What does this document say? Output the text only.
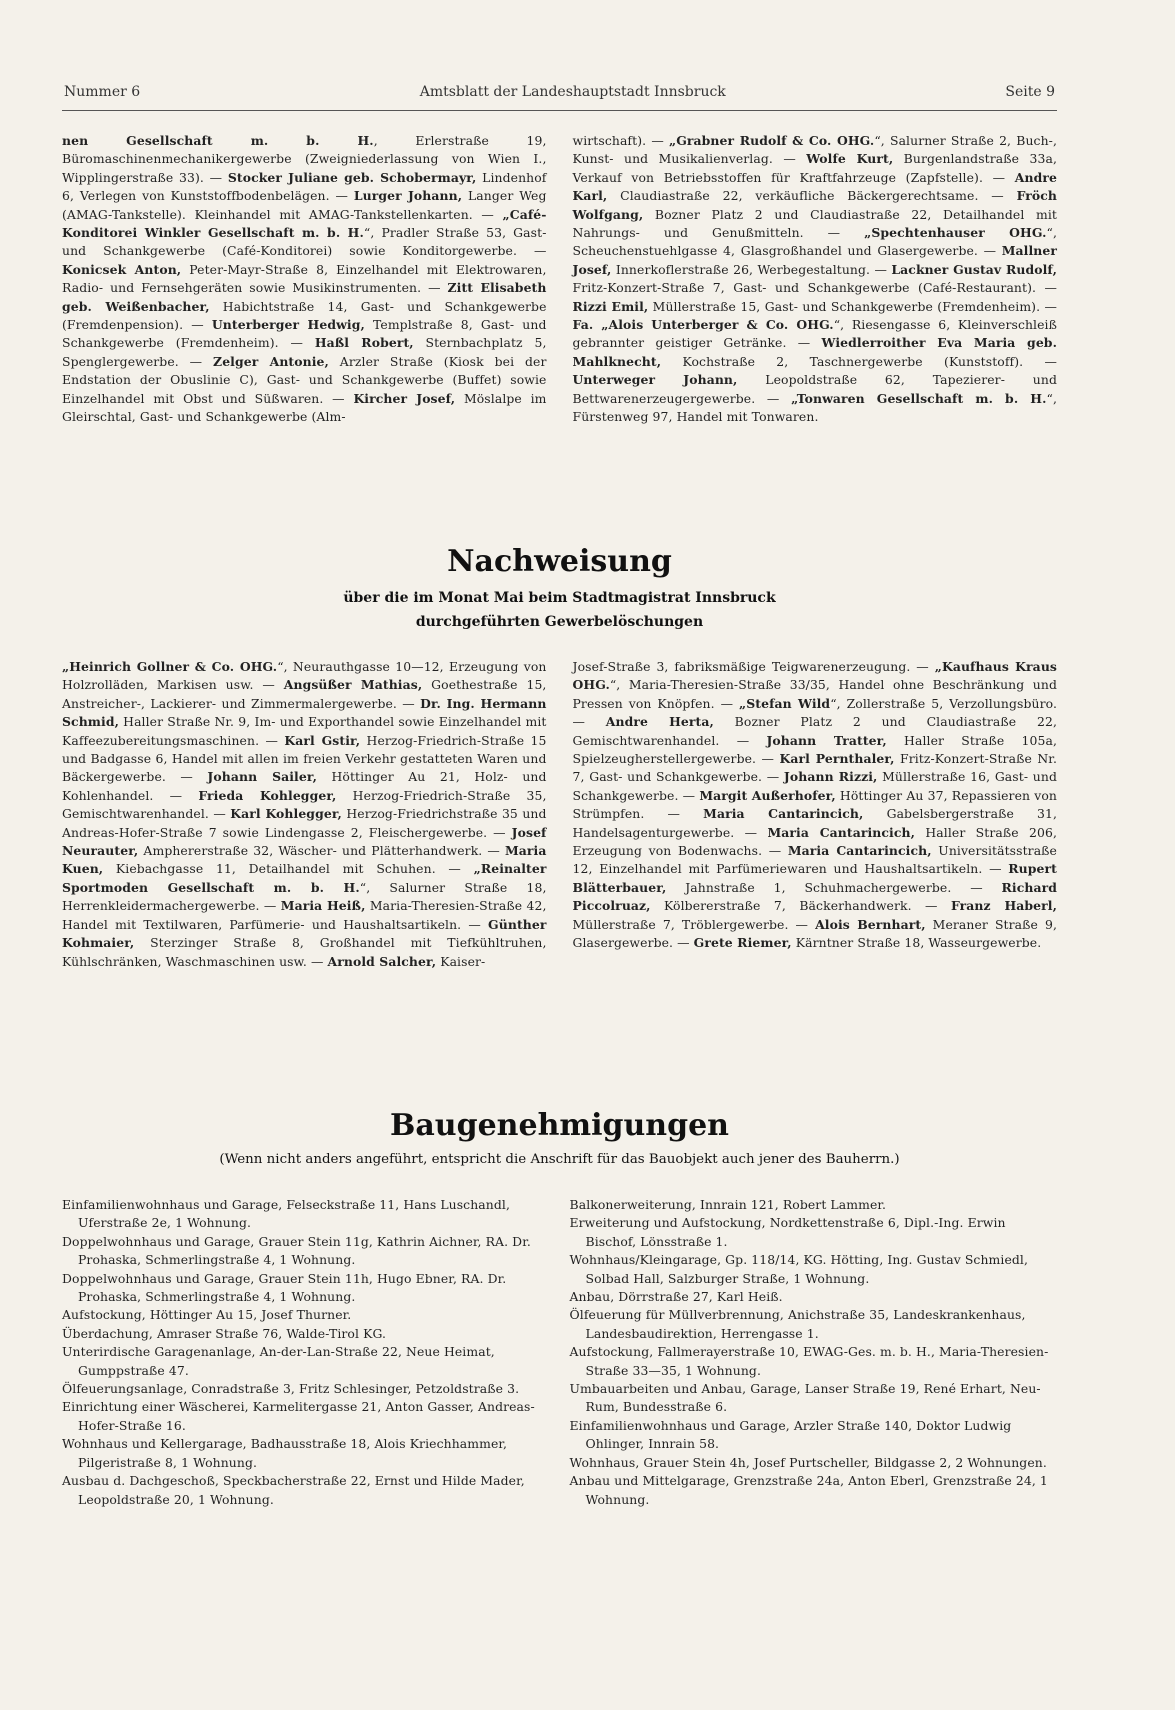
Nummer 6	Amtsblatt der Landeshauptstadt Innsbruck	Seite 9

nen Gesellschaft m. b. H., Erlerstraße 19, Büromaschinenmechanikergewerbe (Zweigniederlassung von Wien I., Wipplingerstraße 33). — Stocker Juliane geb. Schobermayr, Lindenhof 6, Verlegen von Kunststoffbodenbelägen. — Lurger Johann, Langer Weg (AMAG-Tankstelle). Kleinhandel mit AMAG-Tankstellenkarten. — „Café-Konditorei Winkler Gesellschaft m. b. H.“, Pradler Straße 53, Gast- und Schankgewerbe (Café-Konditorei) sowie Konditorgewerbe. — Konicsek Anton, Peter-Mayr-Straße 8, Einzelhandel mit Elektrowaren, Radio- und Fernsehgeräten sowie Musikinstrumenten. — Zitt Elisabeth geb. Weißenbacher, Habichtstraße 14, Gast- und Schankgewerbe (Fremdenpension). — Unterberger Hedwig, Templstraße 8, Gast- und Schankgewerbe (Fremdenheim). — Haßl Robert, Sternbachplatz 5, Spenglergewerbe. — Zelger Antonie, Arzler Straße (Kiosk bei der Endstation der Obuslinie C), Gast- und Schankgewerbe (Buffet) sowie Einzelhandel mit Obst und Süßwaren. — Kircher Josef, Möslalpe im Gleirschtal, Gast- und Schankgewerbe (Alm-

wirtschaft). — „Grabner Rudolf & Co. OHG.“, Salurner Straße 2, Buch-, Kunst- und Musikalienverlag. — Wolfe Kurt, Burgenlandstraße 33a, Verkauf von Betriebsstoffen für Kraftfahrzeuge (Zapfstelle). — Andre Karl, Claudiastraße 22, verkäufliche Bäckergerechtsame. — Fröch Wolfgang, Bozner Platz 2 und Claudiastraße 22, Detailhandel mit Nahrungs- und Genußmitteln. — „Spechtenhauser OHG.“, Scheuchenstuehlgasse 4, Glasgroßhandel und Glasergewerbe. — Mallner Josef, Innerkoflerstraße 26, Werbegestaltung. — Lackner Gustav Rudolf, Fritz-Konzert-Straße 7, Gast- und Schankgewerbe (Café-Restaurant). — Rizzi Emil, Müllerstraße 15, Gast- und Schankgewerbe (Fremdenheim). — Fa. „Alois Unterberger & Co. OHG.“, Riesengasse 6, Kleinverschleiß gebrannter geistiger Getränke. — Wiedlerroither Eva Maria geb. Mahlknecht, Kochstraße 2, Taschnergewerbe (Kunststoff). — Unterweger Johann, Leopoldstraße 62, Tapezierer- und Bettwarenerzeugergewerbe. — „Tonwaren Gesellschaft m. b. H.“, Fürstenweg 97, Handel mit Tonwaren.

Nachweisung
über die im Monat Mai beim Stadtmagistrat Innsbruck
durchgeführten Gewerbelöschungen

„Heinrich Gollner & Co. OHG.“, Neurauthgasse 10—12, Erzeugung von Holzrolläden, Markisen usw. — Angsüßer Mathias, Goethestraße 15, Anstreicher-, Lackierer- und Zimmermalergewerbe. — Dr. Ing. Hermann Schmid, Haller Straße Nr. 9, Im- und Exporthandel sowie Einzelhandel mit Kaffeezubereitungsmaschinen. — Karl Gstir, Herzog-Friedrich-Straße 15 und Badgasse 6, Handel mit allen im freien Verkehr gestatteten Waren und Bäckergewerbe. — Johann Sailer, Höttinger Au 21, Holz- und Kohlenhandel. — Frieda Kohlegger, Herzog-Friedrich-Straße 35, Gemischtwarenhandel. — Karl Kohlegger, Herzog-Friedrichstraße 35 und Andreas-Hofer-Straße 7 sowie Lindengasse 2, Fleischergewerbe. — Josef Neurauter, Amphererstraße 32, Wäscher- und Plätterhandwerk. — Maria Kuen, Kiebachgasse 11, Detailhandel mit Schuhen. — „Reinalter Sportmoden Gesellschaft m. b. H.“, Salurner Straße 18, Herrenkleidermachergewerbe. — Maria Heiß, Maria-Theresien-Straße 42, Handel mit Textilwaren, Parfümerie- und Haushaltsartikeln. — Günther Kohmaier, Sterzinger Straße 8, Großhandel mit Tiefkühltruhen, Kühlschränken, Waschmaschinen usw. — Arnold Salcher, Kaiser-

Josef-Straße 3, fabriksmäßige Teigwarenerzeugung. — „Kaufhaus Kraus OHG.“, Maria-Theresien-Straße 33/35, Handel ohne Beschränkung und Pressen von Knöpfen. — „Stefan Wild“, Zollerstraße 5, Verzollungsbüro. — Andre Herta, Bozner Platz 2 und Claudiastraße 22, Gemischtwarenhandel. — Johann Tratter, Haller Straße 105a, Spielzeugherstellergewerbe. — Karl Pernthaler, Fritz-Konzert-Straße Nr. 7, Gast- und Schankgewerbe. — Johann Rizzi, Müllerstraße 16, Gast- und Schankgewerbe. — Margit Außerhofer, Höttinger Au 37, Repassieren von Strümpfen. — Maria Cantarincich, Gabelsbergerstraße 31, Handelsagenturgewerbe. — Maria Cantarincich, Haller Straße 206, Erzeugung von Bodenwachs. — Maria Cantarincich, Universitätsstraße 12, Einzelhandel mit Parfümeriewaren und Haushaltsartikeln. — Rupert Blätterbauer, Jahnstraße 1, Schuhmachergewerbe. — Richard Piccolruaz, Kölbererstraße 7, Bäckerhandwerk. — Franz Haberl, Müllerstraße 7, Tröblergewerbe. — Alois Bernhart, Meraner Straße 9, Glasergewerbe. — Grete Riemer, Kärntner Straße 18, Wasseurgewerbe.

Baugenehmigungen
(Wenn nicht anders angeführt, entspricht die Anschrift für das Bauobjekt auch jener des Bauherrn.)

Einfamilienwohnhaus und Garage, Felseckstraße 11, Hans Luschandl, Uferstraße 2e, 1 Wohnung.

Doppelwohnhaus und Garage, Grauer Stein 11g, Kathrin Aichner, RA. Dr. Prohaska, Schmerlingstraße 4, 1 Wohnung.

Doppelwohnhaus und Garage, Grauer Stein 11h, Hugo Ebner, RA. Dr. Prohaska, Schmerlingstraße 4, 1 Wohnung.

Aufstockung, Höttinger Au 15, Josef Thurner.

Überdachung, Amraser Straße 76, Walde-Tirol KG.

Unterirdische Garagenanlage, An-der-Lan-Straße 22, Neue Heimat, Gumppstraße 47.

Ölfeuerungsanlage, Conradstraße 3, Fritz Schlesinger, Petzoldstraße 3.

Einrichtung einer Wäscherei, Karmelitergasse 21, Anton Gasser, Andreas-Hofer-Straße 16.

Wohnhaus und Kellergarage, Badhausstraße 18, Alois Kriechhammer, Pilgeristraße 8, 1 Wohnung.

Ausbau d. Dachgeschoß, Speckbacherstraße 22, Ernst und Hilde Mader, Leopoldstraße 20, 1 Wohnung.

Balkonerweiterung, Innrain 121, Robert Lammer.

Erweiterung und Aufstockung, Nordkettenstraße 6, Dipl.-Ing. Erwin Bischof, Lönsstraße 1.

Wohnhaus/Kleingarage, Gp. 118/14, KG. Hötting, Ing. Gustav Schmiedl, Solbad Hall, Salzburger Straße, 1 Wohnung.

Anbau, Dörrstraße 27, Karl Heiß.

Ölfeuerung für Müllverbrennung, Anichstraße 35, Landeskrankenhaus, Landesbaudirektion, Herrengasse 1.

Aufstockung, Fallmerayerstraße 10, EWAG-Ges. m. b. H., Maria-Theresien-Straße 33—35, 1 Wohnung.

Umbauarbeiten und Anbau, Garage, Lanser Straße 19, René Erhart, Neu-Rum, Bundesstraße 6.

Einfamilienwohnhaus und Garage, Arzler Straße 140, Doktor Ludwig Ohlinger, Innrain 58.

Wohnhaus, Grauer Stein 4h, Josef Purtscheller, Bildgasse 2, 2 Wohnungen.

Anbau und Mittelgarage, Grenzstraße 24a, Anton Eberl, Grenzstraße 24, 1 Wohnung.
